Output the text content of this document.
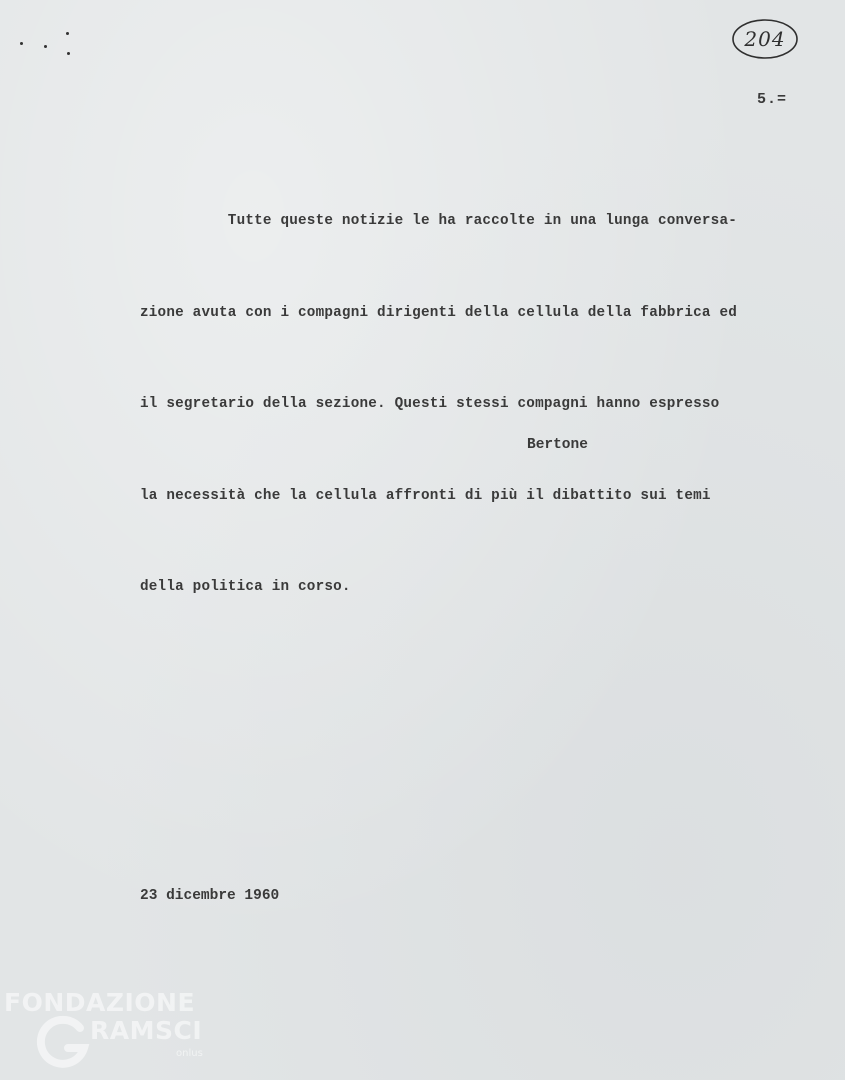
204
5.=

Tutte queste notizie le ha raccolte in una lunga conversa-

zione avuta con i compagni dirigenti della cellula della fabbrica ed

il segretario della sezione. Questi stessi compagni hanno espresso

la necessità che la cellula affronti di più il dibattito sui temi

della politica in corso.

Bertone
23 dicembre 1960
FONDAZIONE
RAMSCI
onlus
